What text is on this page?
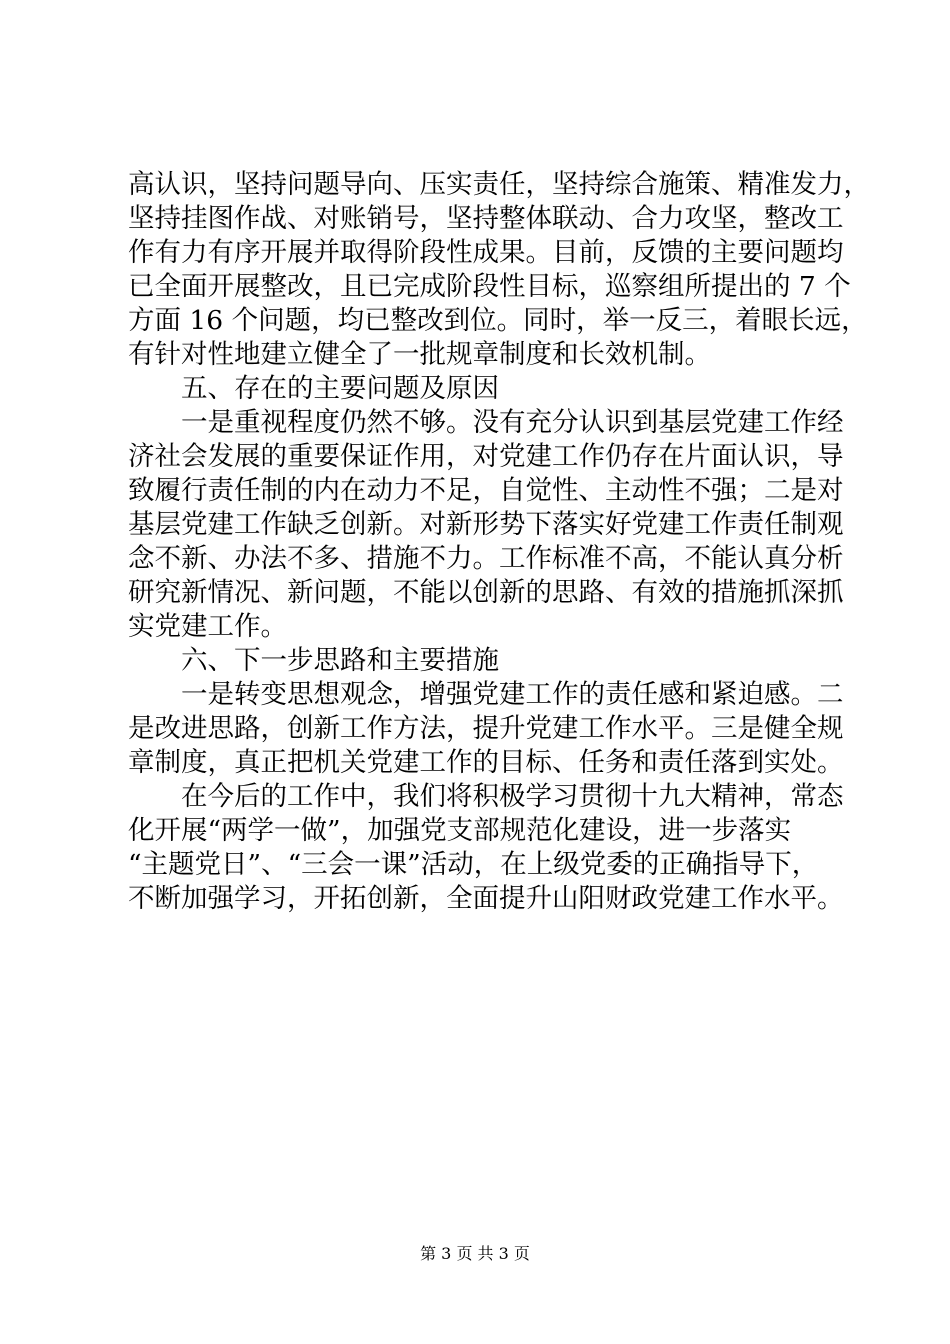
高认识，坚持问题导向、压实责任，坚持综合施策、精准发力，
坚持挂图作战、对账销号，坚持整体联动、合力攻坚，整改工
作有力有序开展并取得阶段性成果。目前，反馈的主要问题均
已全面开展整改，且已完成阶段性目标，巡察组所提出的 7 个
方面 16 个问题，均已整改到位。同时，举一反三，着眼长远，
有针对性地建立健全了一批规章制度和长效机制。
五、存在的主要问题及原因
一是重视程度仍然不够。没有充分认识到基层党建工作经
济社会发展的重要保证作用，对党建工作仍存在片面认识，导
致履行责任制的内在动力不足，自觉性、主动性不强；二是对
基层党建工作缺乏创新。对新形势下落实好党建工作责任制观
念不新、办法不多、措施不力。工作标准不高，不能认真分析
研究新情况、新问题，不能以创新的思路、有效的措施抓深抓
实党建工作。
六、下一步思路和主要措施
一是转变思想观念，增强党建工作的责任感和紧迫感。二
是改进思路，创新工作方法，提升党建工作水平。三是健全规
章制度，真正把机关党建工作的目标、任务和责任落到实处。
在今后的工作中，我们将积极学习贯彻十九大精神，常态
化开展“两学一做”，加强党支部规范化建设，进一步落实
“主题党日”、“三会一课”活动，在上级党委的正确指导下，
不断加强学习，开拓创新，全面提升山阳财政党建工作水平。
第 3 页 共 3 页
